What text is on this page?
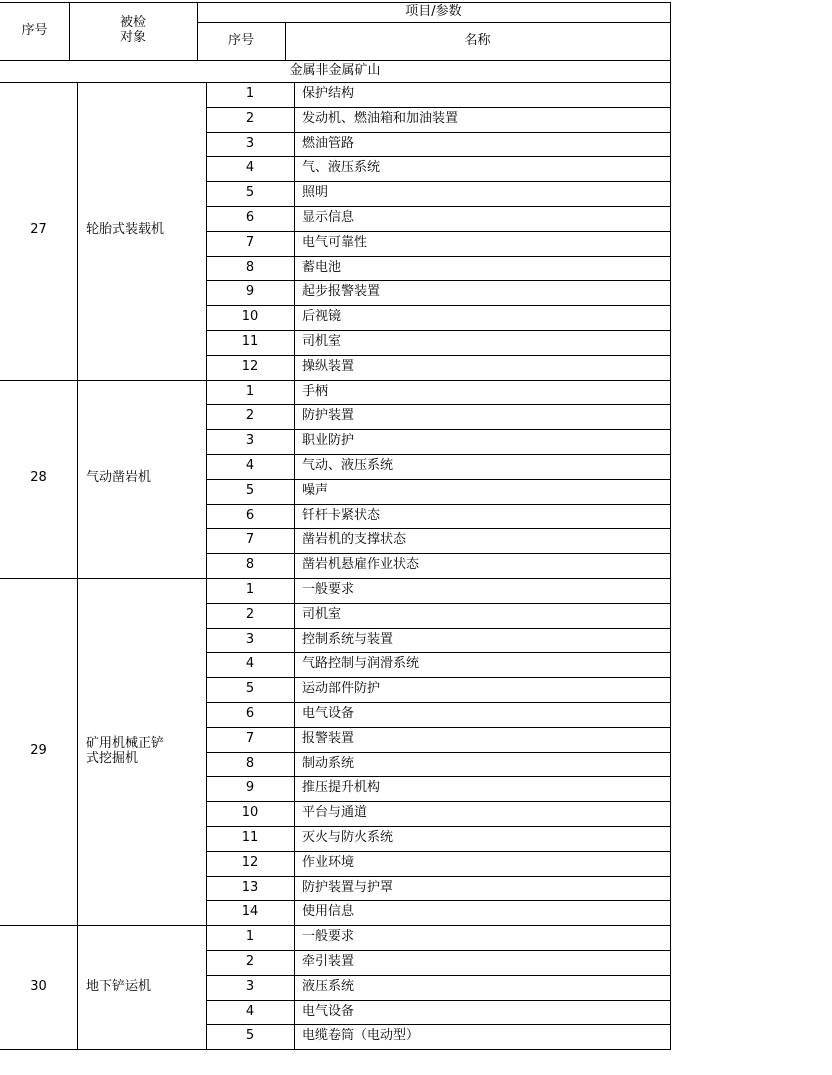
序号	被检
对象
项目/参数
序号	名称
金属非金属矿山
27	轮胎式装载机
1	保护结构
2	发动机、燃油箱和加油装置
3	燃油管路
4	气、液压系统
5	照明
6	显示信息
7	电气可靠性
8	蓄电池
9	起步报警装置
10	后视镜
11	司机室
12	操纵装置
28	气动凿岩机
1	手柄
2	防护装置
3	职业防护
4	气动、液压系统
5	噪声
6	钎杆卡紧状态
7	凿岩机的支撑状态
8	凿岩机悬雇作业状态
29	矿用机械正铲
式挖掘机
1	一般要求
2	司机室
3	控制系统与装置
4	气路控制与润滑系统
5	运动部件防护
6	电气设备
7	报警装置
8	制动系统
9	推压提升机构
10	平台与通道
11	灭火与防火系统
12	作业环境
13	防护装置与护罩
14	使用信息
30	地下铲运机
1	一般要求
2	牵引装置
3	液压系统
4	电气设备
5	电缆卷筒（电动型）
